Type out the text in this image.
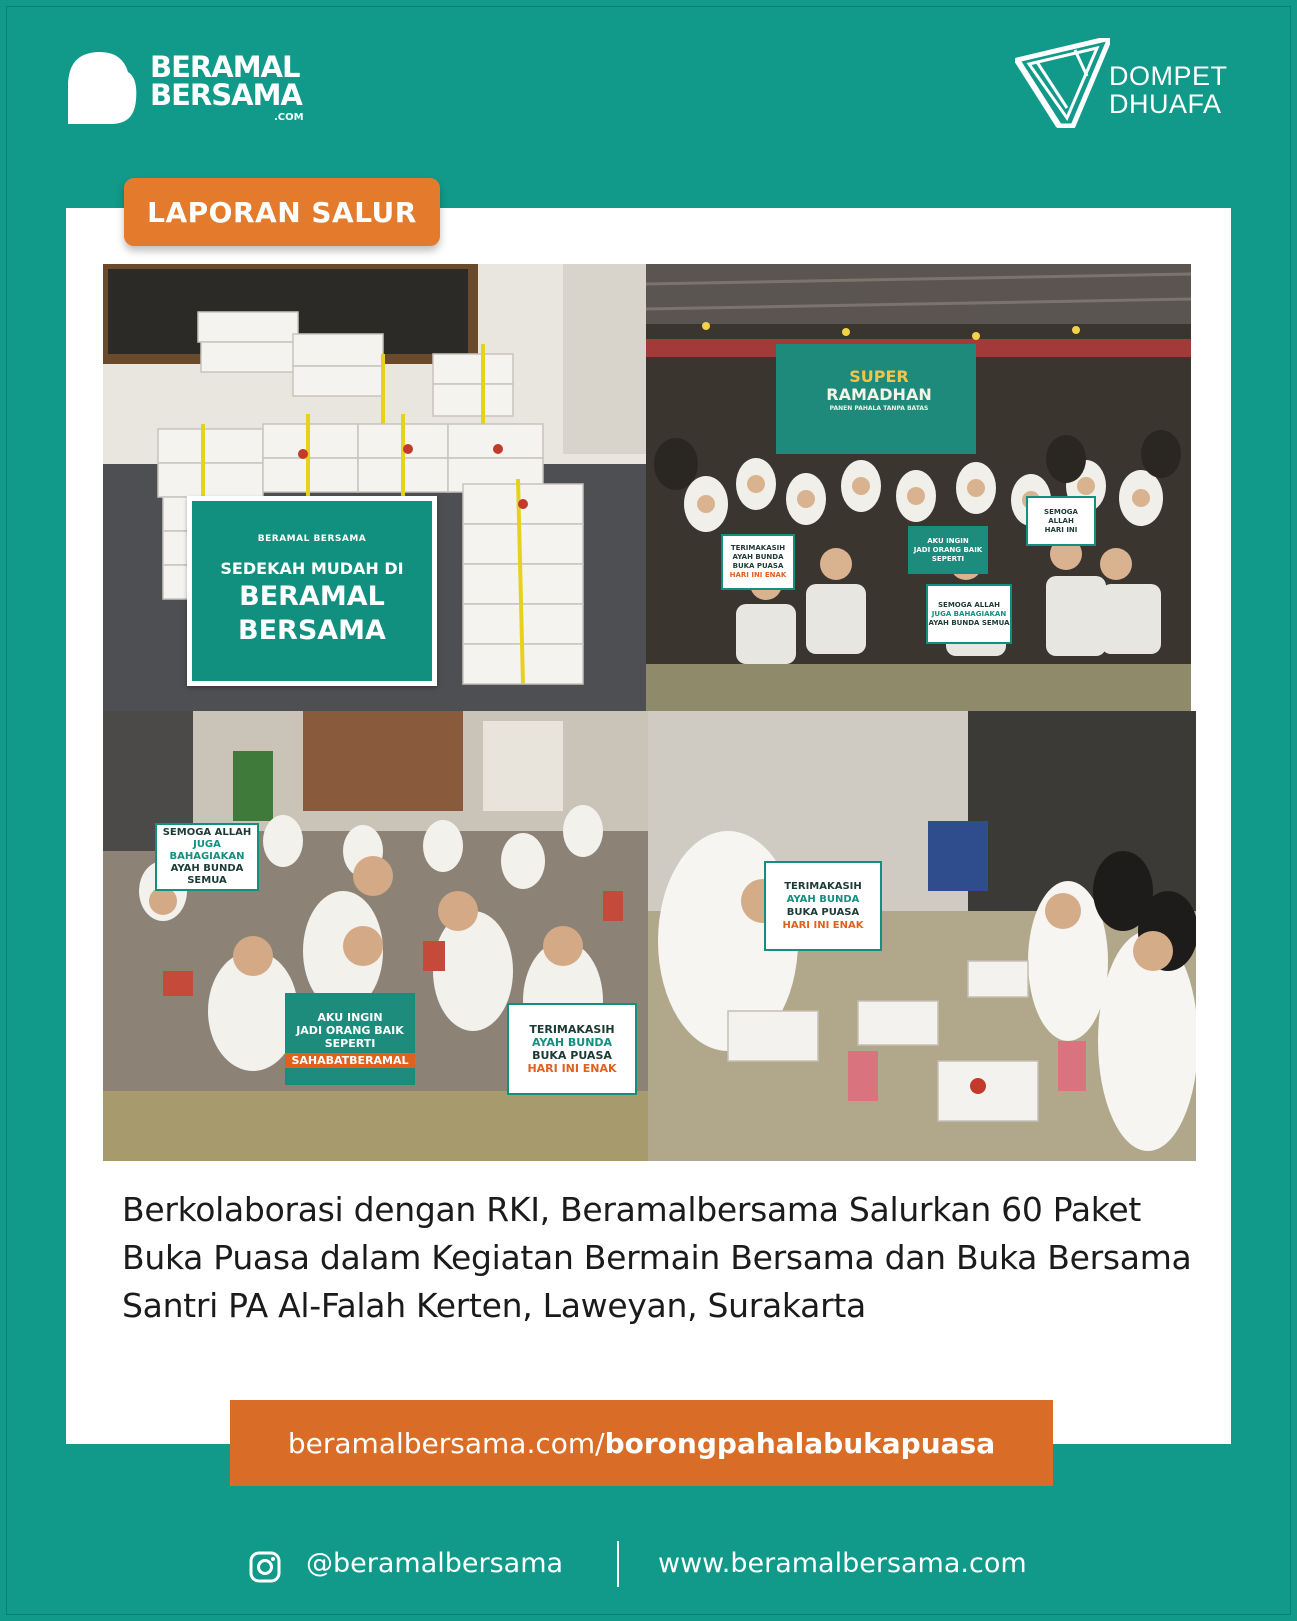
BERAMAL
BERSAMA
.COM
DOMPET
DHUAFA
LAPORAN SALUR
BERAMAL BERSAMA
SEDEKAH MUDAH DI
BERAMAL
BERSAMA
SUPER
RAMADHAN
PANEN PAHALA TANPA BATAS
TERIMAKASIH
AYAH BUNDA
BUKA PUASA
HARI INI ENAK
AKU INGIN
JADI ORANG BAIK
SEPERTI
SEMOGA ALLAH
JUGA BAHAGIAKAN
AYAH BUNDA SEMUA
SEMOGA
ALLAH
HARI INI
SEMOGA ALLAH
JUGA BAHAGIAKAN
AYAH BUNDA SEMUA
AKU INGIN
JADI ORANG BAIK
SEPERTI
SAHABATBERAMAL
TERIMAKASIH
AYAH BUNDA
BUKA PUASA
HARI INI ENAK
TERIMAKASIH
AYAH BUNDA
BUKA PUASA
HARI INI ENAK
Berkolaborasi dengan RKI, Beramalbersama Salurkan 60 Paket Buka Puasa dalam Kegiatan Bermain Bersama dan Buka Bersama Santri PA Al-Falah Kerten, Laweyan, Surakarta
beramalbersama.com/ borongpahalabukapuasa
@beramalbersama	www.beramalbersama.com
